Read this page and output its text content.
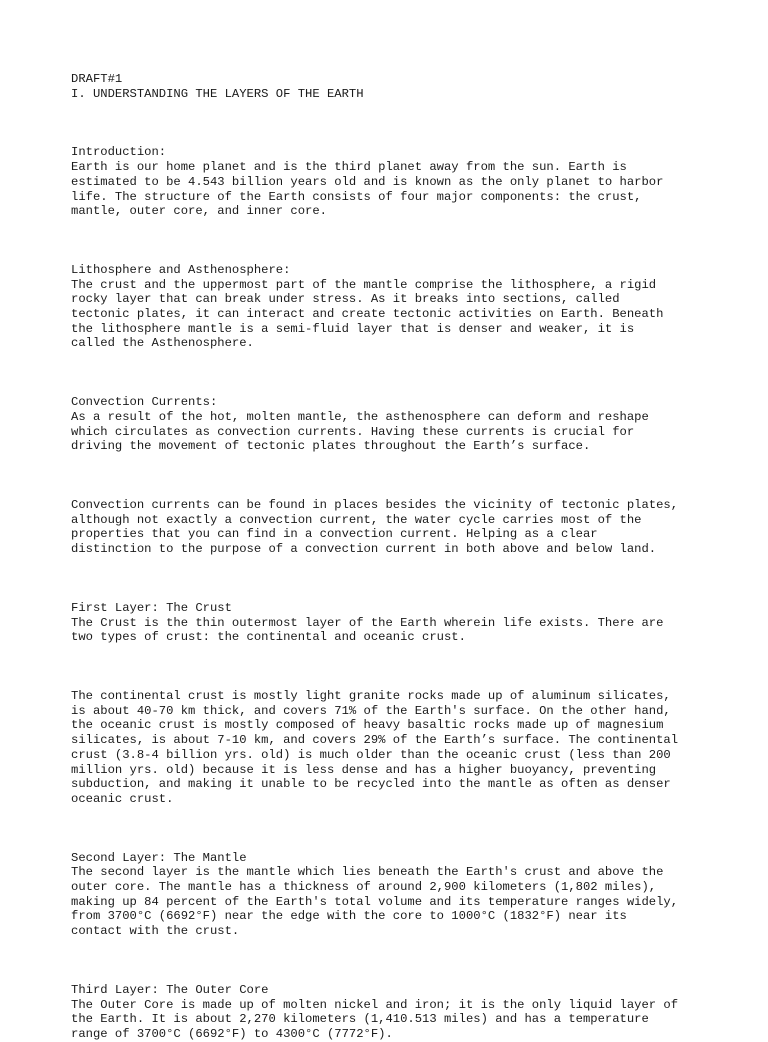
DRAFT#1
I. UNDERSTANDING THE LAYERS OF THE EARTH
Introduction:
Earth is our home planet and is the third planet away from the sun. Earth is
estimated to be 4.543 billion years old and is known as the only planet to harbor
life. The structure of the Earth consists of four major components: the crust,
mantle, outer core, and inner core.
Lithosphere and Asthenosphere:
The crust and the uppermost part of the mantle comprise the lithosphere, a rigid
rocky layer that can break under stress. As it breaks into sections, called
tectonic plates, it can interact and create tectonic activities on Earth. Beneath
the lithosphere mantle is a semi-fluid layer that is denser and weaker, it is
called the Asthenosphere.
Convection Currents:
As a result of the hot, molten mantle, the asthenosphere can deform and reshape
which circulates as convection currents. Having these currents is crucial for
driving the movement of tectonic plates throughout the Earth’s surface.
Convection currents can be found in places besides the vicinity of tectonic plates,
although not exactly a convection current, the water cycle carries most of the
properties that you can find in a convection current. Helping as a clear
distinction to the purpose of a convection current in both above and below land.
First Layer: The Crust
The Crust is the thin outermost layer of the Earth wherein life exists. There are
two types of crust: the continental and oceanic crust.
The continental crust is mostly light granite rocks made up of aluminum silicates,
is about 40-70 km thick, and covers 71% of the Earth's surface. On the other hand,
the oceanic crust is mostly composed of heavy basaltic rocks made up of magnesium
silicates, is about 7-10 km, and covers 29% of the Earth’s surface. The continental
crust (3.8-4 billion yrs. old) is much older than the oceanic crust (less than 200
million yrs. old) because it is less dense and has a higher buoyancy, preventing
subduction, and making it unable to be recycled into the mantle as often as denser
oceanic crust.
Second Layer: The Mantle
The second layer is the mantle which lies beneath the Earth's crust and above the
outer core. The mantle has a thickness of around 2,900 kilometers (1,802 miles),
making up 84 percent of the Earth's total volume and its temperature ranges widely,
from 3700°C (6692°F) near the edge with the core to 1000°C (1832°F) near its
contact with the crust.
Third Layer: The Outer Core
The Outer Core is made up of molten nickel and iron; it is the only liquid layer of
the Earth. It is about 2,270 kilometers (1,410.513 miles) and has a temperature
range of 3700°C (6692°F) to 4300°C (7772°F).
